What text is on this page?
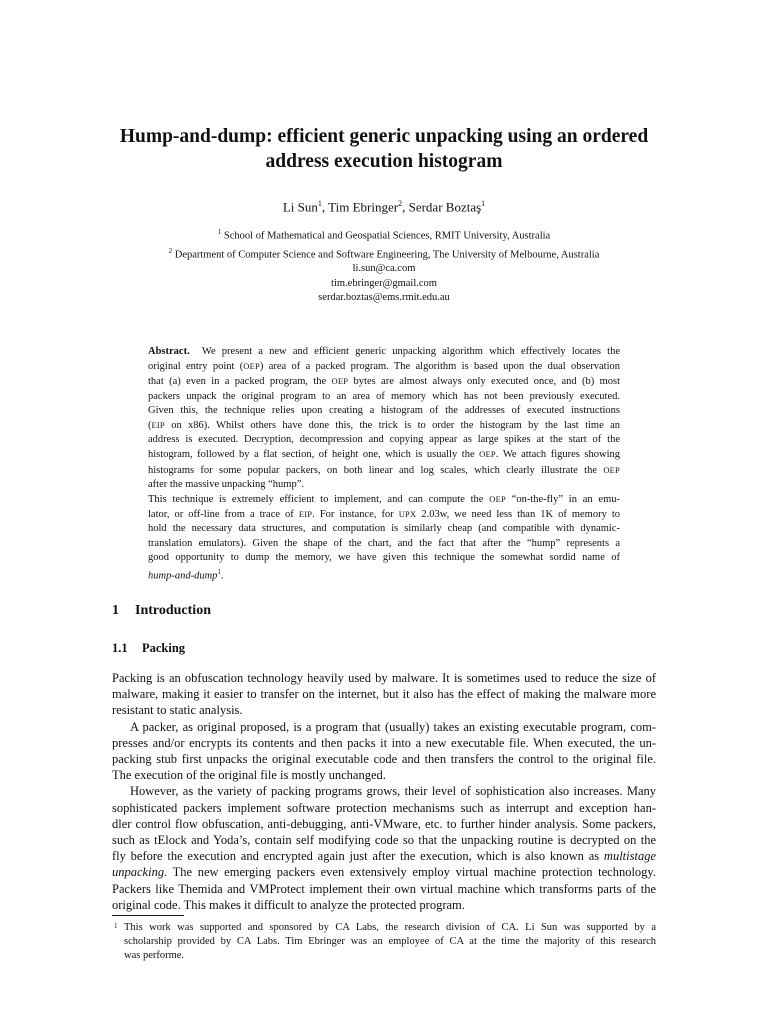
Hump-and-dump: efficient generic unpacking using an ordered
address execution histogram
Li Sun$^1$, Tim Ebringer$^2$, Serdar Boztaş$^1$
$^1$ School of Mathematical and Geospatial Sciences, RMIT University, Australia
$^2$ Department of Computer Science and Software Engineering, The University of Melbourne, Australia
li.sun@ca.com
tim.ebringer@gmail.com
serdar.boztas@ems.rmit.edu.au
Abstract. We present a new and efficient generic unpacking algorithm which effectively locates the
original entry point (OEP) area of a packed program. The algorithm is based upon the dual observation
that (a) even in a packed program, the OEP bytes are almost always only executed once, and (b) most
packers unpack the original program to an area of memory which has not been previously executed.
Given this, the technique relies upon creating a histogram of the addresses of executed instructions
(EIP on x86). Whilst others have done this, the trick is to order the histogram by the last time an
address is executed. Decryption, decompression and copying appear as large spikes at the start of the
histogram, followed by a flat section, of height one, which is usually the OEP. We attach figures showing
histograms for some popular packers, on both linear and log scales, which clearly illustrate the OEP
after the massive unpacking “hump”.
This technique is extremely efficient to implement, and can compute the OEP “on-the-fly” in an emu-
lator, or off-line from a trace of EIP. For instance, for UPX 2.03w, we need less than 1K of memory to
hold the necessary data structures, and computation is similarly cheap (and compatible with dynamic-
translation emulators). Given the shape of the chart, and the fact that after the “hump” represents a
good opportunity to dump the memory, we have given this technique the somewhat sordid name of
hump-and-dump$^1$.
1 Introduction
1.1 Packing
Packing is an obfuscation technology heavily used by malware. It is sometimes used to reduce the size of
malware, making it easier to transfer on the internet, but it also has the effect of making the malware more
resistant to static analysis.
A packer, as original proposed, is a program that (usually) takes an existing executable program, com-
presses and/or encrypts its contents and then packs it into a new executable file. When executed, the un-
packing stub first unpacks the original executable code and then transfers the control to the original file.
The execution of the original file is mostly unchanged.
However, as the variety of packing programs grows, their level of sophistication also increases. Many
sophisticated packers implement software protection mechanisms such as interrupt and exception han-
dler control flow obfuscation, anti-debugging, anti-VMware, etc. to further hinder analysis. Some packers,
such as tElock and Yoda’s, contain self modifying code so that the unpacking routine is decrypted on the
fly before the execution and encrypted again just after the execution, which is also known as multistage
unpacking. The new emerging packers even extensively employ virtual machine protection technology.
Packers like Themida and VMProtect implement their own virtual machine which transforms parts of the
original code. This makes it difficult to analyze the protected program.
1 This work was supported and sponsored by CA Labs, the research division of CA. Li Sun was supported by a
scholarship provided by CA Labs. Tim Ebringer was an employee of CA at the time the majority of this research
was performe.
